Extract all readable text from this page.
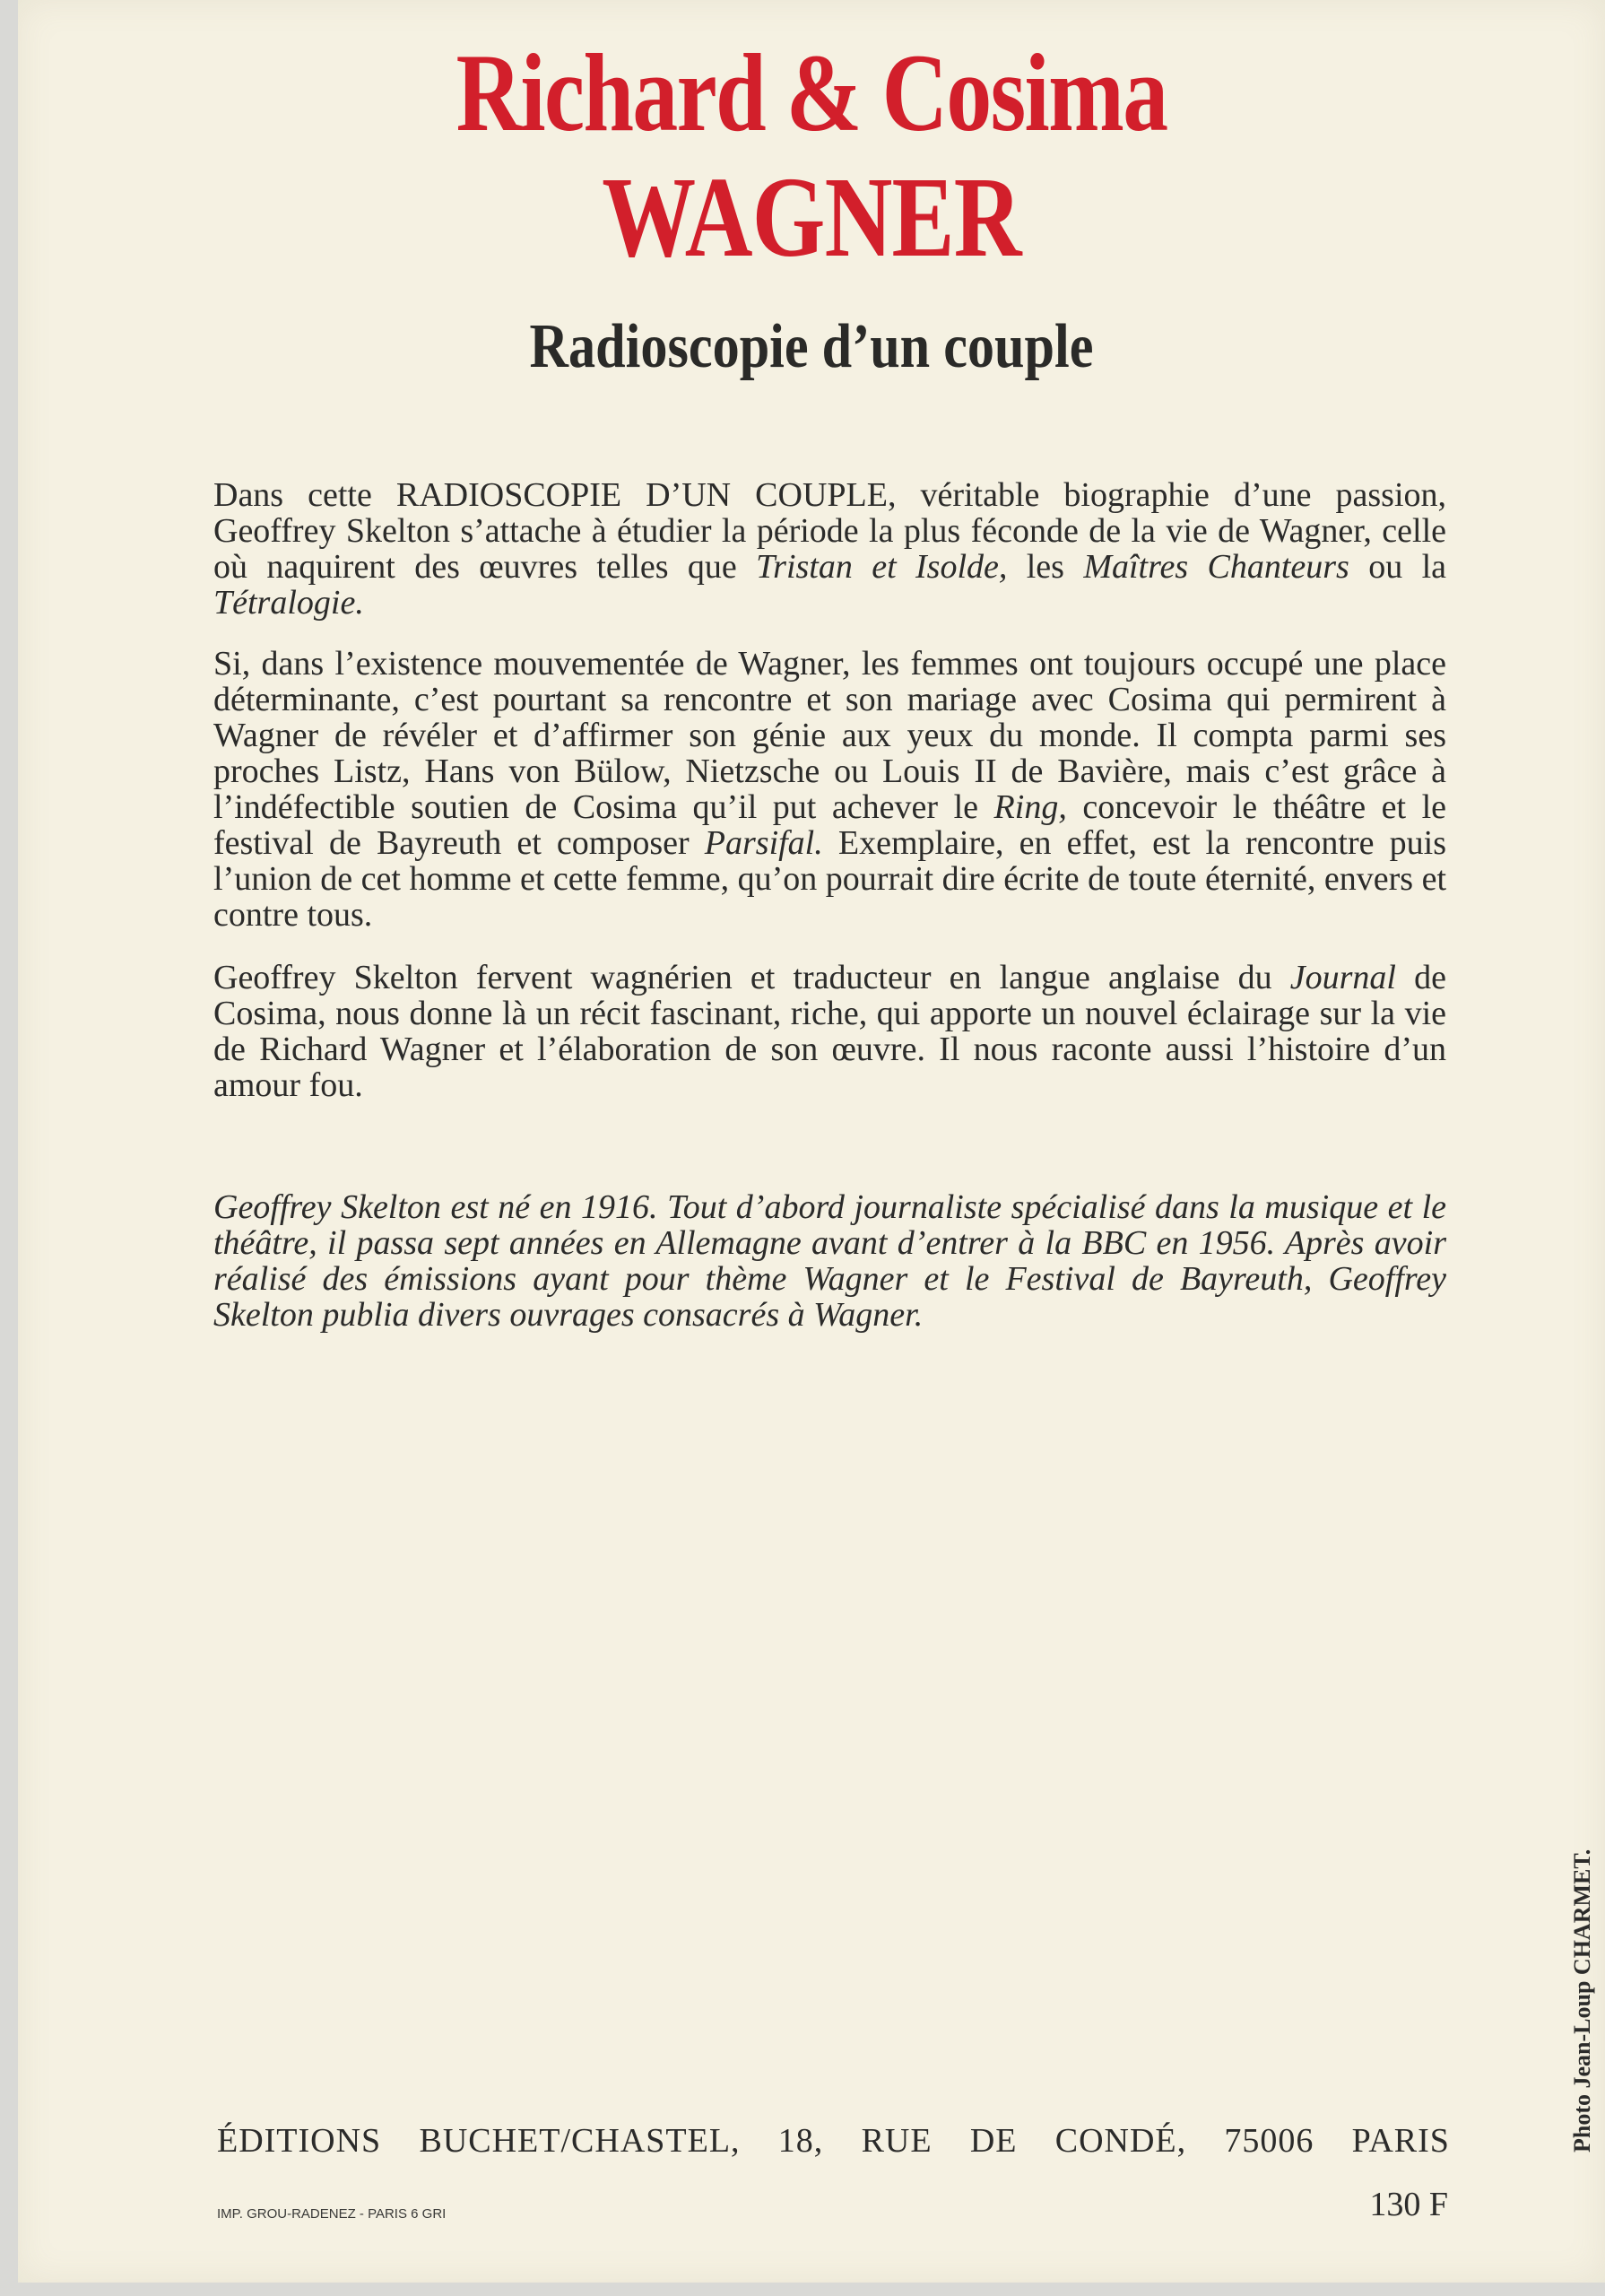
Richard & Cosima
WAGNER
Radioscopie d’un couple

Dans cette RADIOSCOPIE D’UN COUPLE, véritable biographie d’une passion, Geoffrey Skelton s’attache à étudier la période la plus féconde de la vie de Wagner, celle où naquirent des œuvres telles que Tristan et Isolde, les Maîtres Chanteurs ou la Tétralogie.

Si, dans l’existence mouvementée de Wagner, les femmes ont toujours occupé une place déterminante, c’est pourtant sa rencontre et son mariage avec Cosima qui permirent à Wagner de révéler et d’affirmer son génie aux yeux du monde. Il compta parmi ses proches Listz, Hans von Bülow, Nietzsche ou Louis II de Bavière, mais c’est grâce à l’indéfectible soutien de Cosima qu’il put achever le Ring, concevoir le théâtre et le festival de Bayreuth et composer Parsifal. Exemplaire, en effet, est la rencontre puis l’union de cet homme et cette femme, qu’on pourrait dire écrite de toute éternité, envers et contre tous.

Geoffrey Skelton fervent wagnérien et traducteur en langue anglaise du Journal de Cosima, nous donne là un récit fascinant, riche, qui apporte un nouvel éclairage sur la vie de Richard Wagner et l’élaboration de son œuvre. Il nous raconte aussi l’histoire d’un amour fou.

Geoffrey Skelton est né en 1916. Tout d’abord journaliste spécialisé dans la musique et le théâtre, il passa sept années en Allemagne avant d’entrer à la BBC en 1956. Après avoir réalisé des émissions ayant pour thème Wagner et le Festival de Bayreuth, Geoffrey Skelton publia divers ouvrages consacrés à Wagner.

ÉDITIONS BUCHET/CHASTEL, 18, RUE DE CONDÉ, 75006 PARIS
IMP. GROU-RADENEZ - PARIS 6 GRI	130 F
Photo Jean-Loup CHARMET.
